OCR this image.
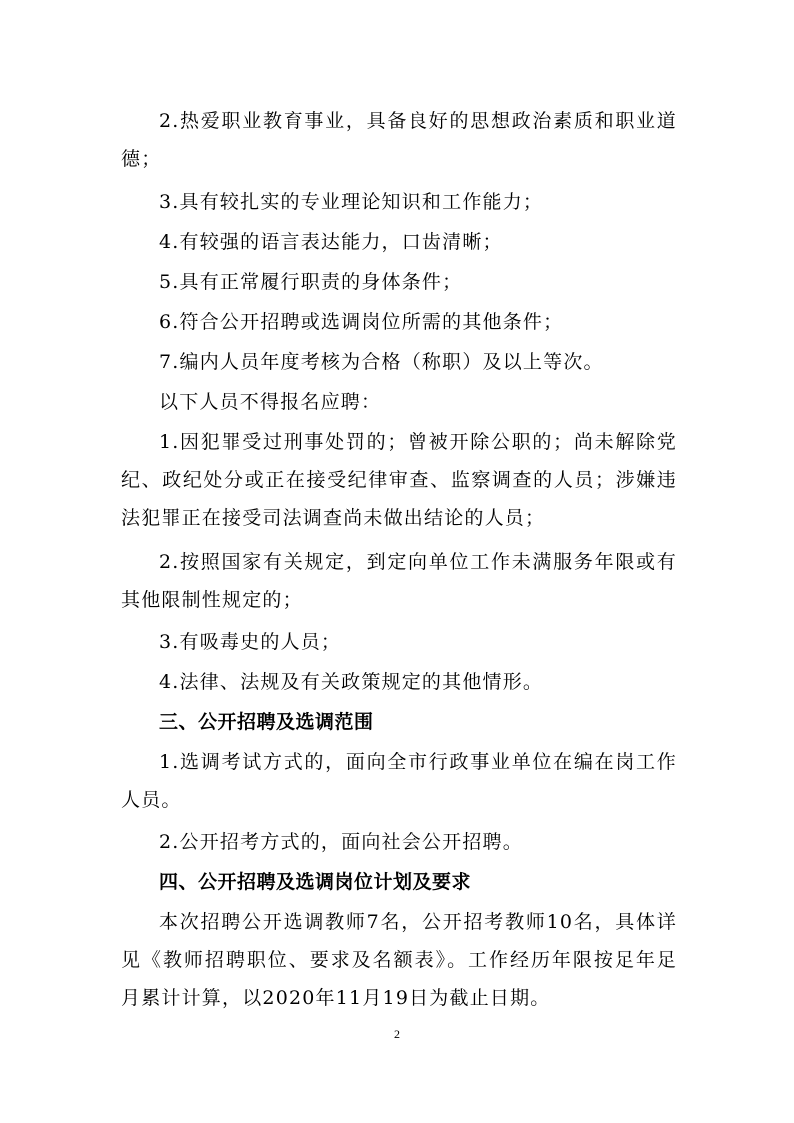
2.热爱职业教育事业，具备良好的思想政治素质和职业道德；

3.具有较扎实的专业理论知识和工作能力；

4.有较强的语言表达能力，口齿清晰；

5.具有正常履行职责的身体条件；

6.符合公开招聘或选调岗位所需的其他条件；

7.编内人员年度考核为合格（称职）及以上等次。

以下人员不得报名应聘：

1.因犯罪受过刑事处罚的；曾被开除公职的；尚未解除党纪、政纪处分或正在接受纪律审查、监察调查的人员；涉嫌违法犯罪正在接受司法调查尚未做出结论的人员；

2.按照国家有关规定，到定向单位工作未满服务年限或有其他限制性规定的；

3.有吸毒史的人员；

4.法律、法规及有关政策规定的其他情形。

三、公开招聘及选调范围

1.选调考试方式的，面向全市行政事业单位在编在岗工作人员。

2.公开招考方式的，面向社会公开招聘。

四、公开招聘及选调岗位计划及要求

本次招聘公开选调教师7名，公开招考教师10名，具体详见《教师招聘职位、要求及名额表》。工作经历年限按足年足月累计计算，以2020年11月19日为截止日期。

2
